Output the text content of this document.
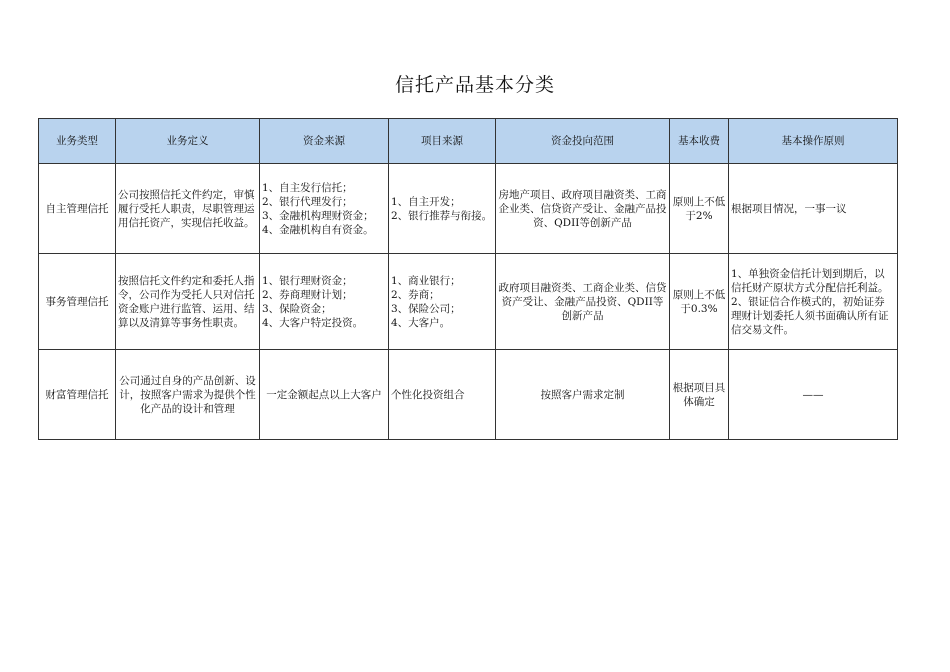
信托产品基本分类
业务类型	业务定义	资金来源	项目来源	资金投向范围	基本收费	基本操作原则
自主管理信托	公司按照信托文件约定，审慎履行受托人职责，尽职管理运用信托资产，实现信托收益。	1、自主发行信托；
2、银行代理发行；
3、金融机构理财资金；
4、金融机构自有资金。	1、自主开发；
2、银行推荐与衔接。	房地产项目、政府项目融资类、工商企业类、信贷资产受让、金融产品投资、QDII等创新产品	原则上不低于2%	根据项目情况，一事一议
事务管理信托	按照信托文件约定和委托人指令，公司作为受托人只对信托资金账户进行监管、运用、结算以及清算等事务性职责。	1、银行理财资金；
2、券商理财计划；
3、保险资金；
4、大客户特定投资。	1、商业银行；
2、券商；
3、保险公司；
4、大客户。	政府项目融资类、工商企业类、信贷资产受让、金融产品投资、QDII等创新产品	原则上不低于0.3%	1、单独资金信托计划到期后，以信托财产原状方式分配信托利益。
2、银证信合作模式的，初始证券理财计划委托人须书面确认所有证信交易文件。

财富管理信托	公司通过自身的产品创新、设计，按照客户需求为提供个性化产品的设计和管理	一定金额起点以上大客户	个性化投资组合	按照客户需求定制	根据项目具体确定	——
